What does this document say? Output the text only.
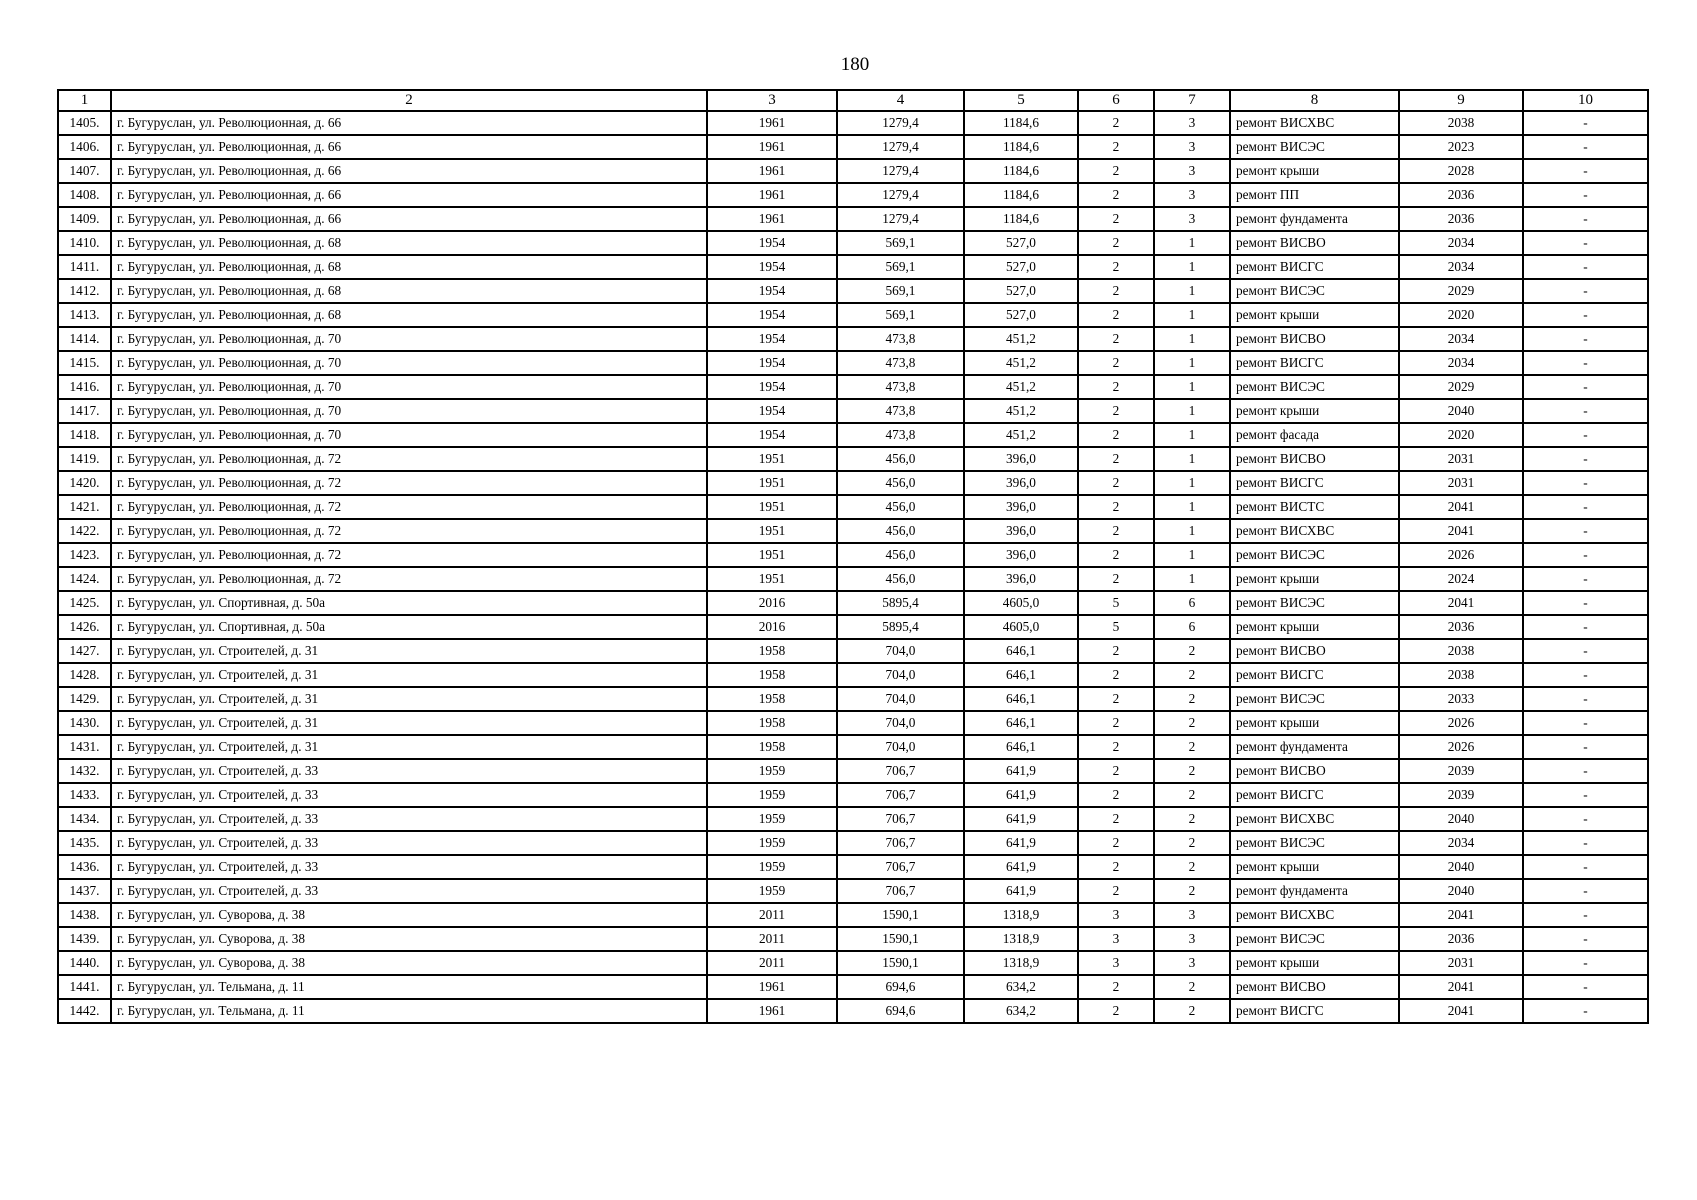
180
1	2	3	4	5	6	7	8	9	10
1405.	г. Бугуруслан, ул. Революционная, д. 66	1961	1279,4	1184,6	2	3	ремонт ВИСХВС	2038	-
1406.	г. Бугуруслан, ул. Революционная, д. 66	1961	1279,4	1184,6	2	3	ремонт ВИСЭС	2023	-
1407.	г. Бугуруслан, ул. Революционная, д. 66	1961	1279,4	1184,6	2	3	ремонт крыши	2028	-
1408.	г. Бугуруслан, ул. Революционная, д. 66	1961	1279,4	1184,6	2	3	ремонт ПП	2036	-
1409.	г. Бугуруслан, ул. Революционная, д. 66	1961	1279,4	1184,6	2	3	ремонт фундамента	2036	-
1410.	г. Бугуруслан, ул. Революционная, д. 68	1954	569,1	527,0	2	1	ремонт ВИСВО	2034	-
1411.	г. Бугуруслан, ул. Революционная, д. 68	1954	569,1	527,0	2	1	ремонт ВИСГС	2034	-
1412.	г. Бугуруслан, ул. Революционная, д. 68	1954	569,1	527,0	2	1	ремонт ВИСЭС	2029	-
1413.	г. Бугуруслан, ул. Революционная, д. 68	1954	569,1	527,0	2	1	ремонт крыши	2020	-
1414.	г. Бугуруслан, ул. Революционная, д. 70	1954	473,8	451,2	2	1	ремонт ВИСВО	2034	-
1415.	г. Бугуруслан, ул. Революционная, д. 70	1954	473,8	451,2	2	1	ремонт ВИСГС	2034	-
1416.	г. Бугуруслан, ул. Революционная, д. 70	1954	473,8	451,2	2	1	ремонт ВИСЭС	2029	-
1417.	г. Бугуруслан, ул. Революционная, д. 70	1954	473,8	451,2	2	1	ремонт крыши	2040	-
1418.	г. Бугуруслан, ул. Революционная, д. 70	1954	473,8	451,2	2	1	ремонт фасада	2020	-
1419.	г. Бугуруслан, ул. Революционная, д. 72	1951	456,0	396,0	2	1	ремонт ВИСВО	2031	-
1420.	г. Бугуруслан, ул. Революционная, д. 72	1951	456,0	396,0	2	1	ремонт ВИСГС	2031	-
1421.	г. Бугуруслан, ул. Революционная, д. 72	1951	456,0	396,0	2	1	ремонт ВИСТС	2041	-
1422.	г. Бугуруслан, ул. Революционная, д. 72	1951	456,0	396,0	2	1	ремонт ВИСХВС	2041	-
1423.	г. Бугуруслан, ул. Революционная, д. 72	1951	456,0	396,0	2	1	ремонт ВИСЭС	2026	-
1424.	г. Бугуруслан, ул. Революционная, д. 72	1951	456,0	396,0	2	1	ремонт крыши	2024	-
1425.	г. Бугуруслан, ул. Спортивная, д. 50а	2016	5895,4	4605,0	5	6	ремонт ВИСЭС	2041	-
1426.	г. Бугуруслан, ул. Спортивная, д. 50а	2016	5895,4	4605,0	5	6	ремонт крыши	2036	-
1427.	г. Бугуруслан, ул. Строителей, д. 31	1958	704,0	646,1	2	2	ремонт ВИСВО	2038	-
1428.	г. Бугуруслан, ул. Строителей, д. 31	1958	704,0	646,1	2	2	ремонт ВИСГС	2038	-
1429.	г. Бугуруслан, ул. Строителей, д. 31	1958	704,0	646,1	2	2	ремонт ВИСЭС	2033	-
1430.	г. Бугуруслан, ул. Строителей, д. 31	1958	704,0	646,1	2	2	ремонт крыши	2026	-
1431.	г. Бугуруслан, ул. Строителей, д. 31	1958	704,0	646,1	2	2	ремонт фундамента	2026	-
1432.	г. Бугуруслан, ул. Строителей, д. 33	1959	706,7	641,9	2	2	ремонт ВИСВО	2039	-
1433.	г. Бугуруслан, ул. Строителей, д. 33	1959	706,7	641,9	2	2	ремонт ВИСГС	2039	-
1434.	г. Бугуруслан, ул. Строителей, д. 33	1959	706,7	641,9	2	2	ремонт ВИСХВС	2040	-
1435.	г. Бугуруслан, ул. Строителей, д. 33	1959	706,7	641,9	2	2	ремонт ВИСЭС	2034	-
1436.	г. Бугуруслан, ул. Строителей, д. 33	1959	706,7	641,9	2	2	ремонт крыши	2040	-
1437.	г. Бугуруслан, ул. Строителей, д. 33	1959	706,7	641,9	2	2	ремонт фундамента	2040	-
1438.	г. Бугуруслан, ул. Суворова, д. 38	2011	1590,1	1318,9	3	3	ремонт ВИСХВС	2041	-
1439.	г. Бугуруслан, ул. Суворова, д. 38	2011	1590,1	1318,9	3	3	ремонт ВИСЭС	2036	-
1440.	г. Бугуруслан, ул. Суворова, д. 38	2011	1590,1	1318,9	3	3	ремонт крыши	2031	-
1441.	г. Бугуруслан, ул. Тельмана, д. 11	1961	694,6	634,2	2	2	ремонт ВИСВО	2041	-
1442.	г. Бугуруслан, ул. Тельмана, д. 11	1961	694,6	634,2	2	2	ремонт ВИСГС	2041	-
